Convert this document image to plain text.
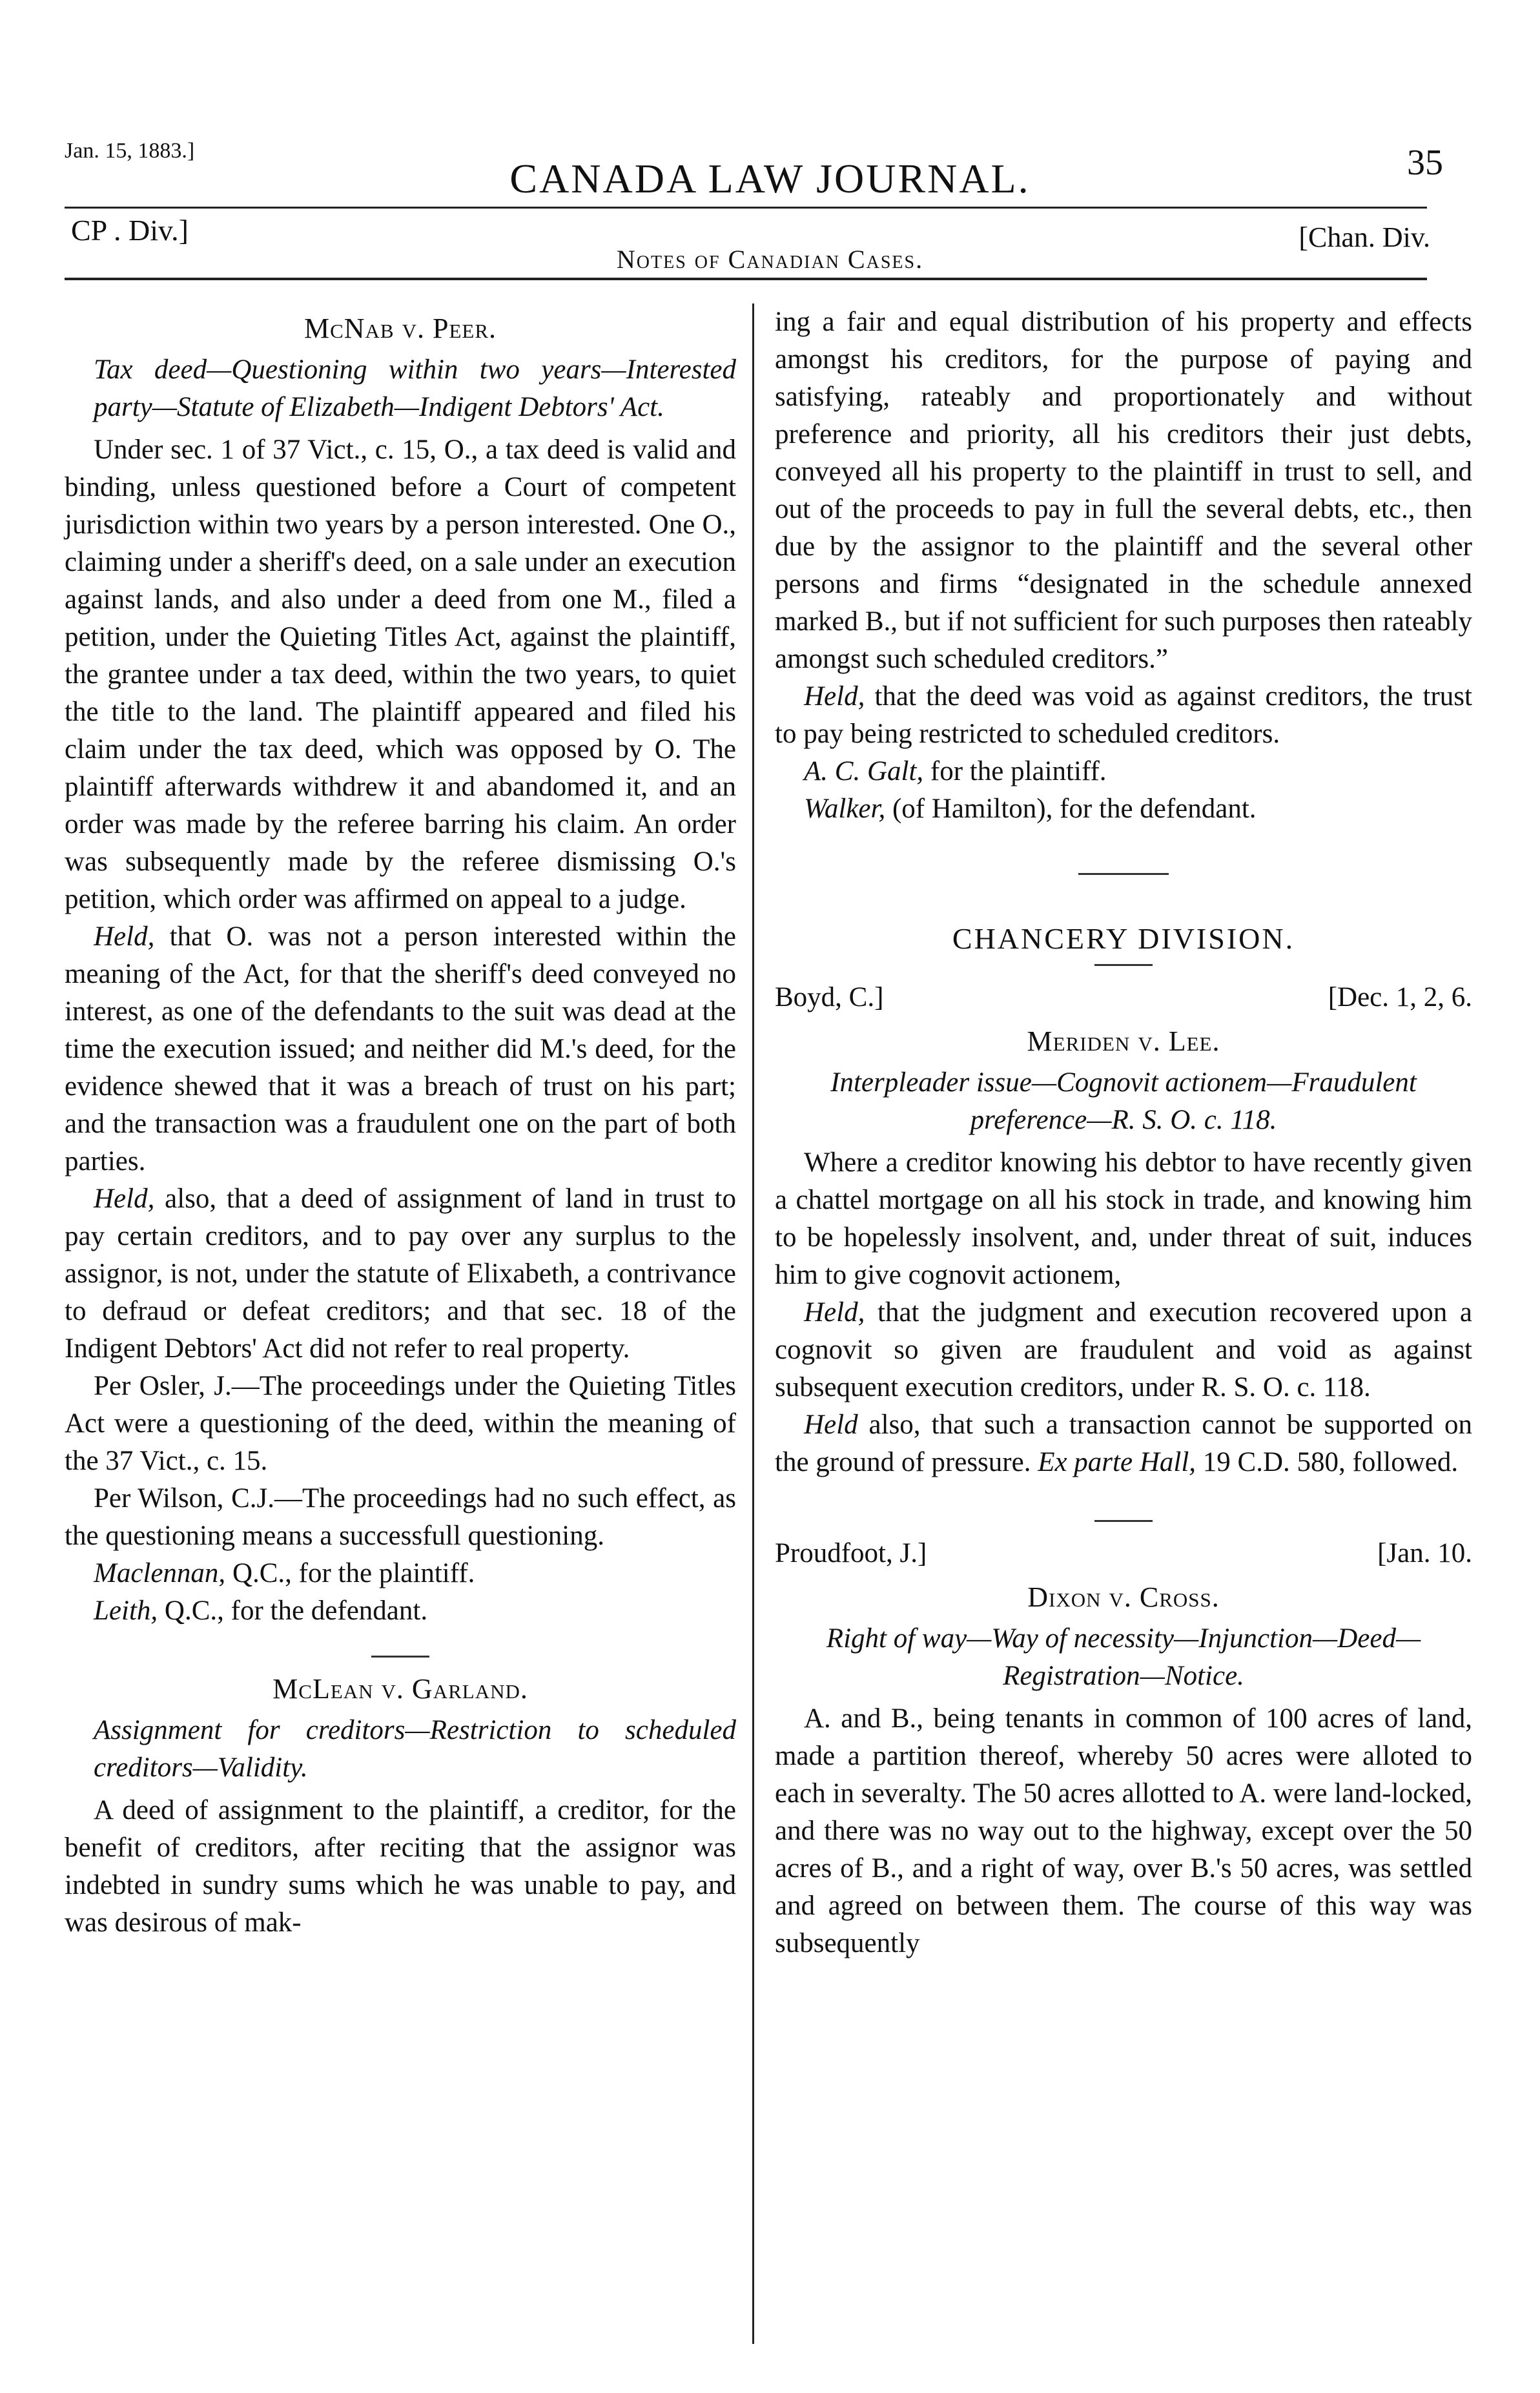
Jan. 15, 1883.]
CANADA LAW JOURNAL.	35
CP . Div.]
Notes of Canadian Cases.
[Chan. Div.

McNab v. Peer.

Tax deed—Questioning within two years—Interested party—Statute of Elizabeth—Indigent Debtors' Act.

Under sec. 1 of 37 Vict., c. 15, O., a tax deed is valid and binding, unless questioned before a Court of competent jurisdiction within two years by a person interested. One O., claiming under a sheriff's deed, on a sale under an execution against lands, and also under a deed from one M., filed a petition, under the Quieting Titles Act, against the plaintiff, the grantee under a tax deed, within the two years, to quiet the title to the land. The plaintiff appeared and filed his claim under the tax deed, which was opposed by O. The plaintiff afterwards withdrew it and abandomed it, and an order was made by the referee barring his claim. An order was subsequently made by the referee dismissing O.'s petition, which order was affirmed on appeal to a judge.

Held, that O. was not a person interested within the meaning of the Act, for that the sheriff's deed conveyed no interest, as one of the defendants to the suit was dead at the time the execution issued; and neither did M.'s deed, for the evidence shewed that it was a breach of trust on his part; and the transaction was a fraudulent one on the part of both parties.

Held, also, that a deed of assignment of land in trust to pay certain creditors, and to pay over any surplus to the assignor, is not, under the statute of Elixabeth, a contrivance to defraud or defeat creditors; and that sec. 18 of the Indigent Debtors' Act did not refer to real property.

Per Osler, J.—The proceedings under the Quieting Titles Act were a questioning of the deed, within the meaning of the 37 Vict., c. 15.

Per Wilson, C.J.—The proceedings had no such effect, as the questioning means a successfull questioning.

Maclennan, Q.C., for the plaintiff.

Leith, Q.C., for the defendant.

McLean v. Garland.

Assignment for creditors—Restriction to scheduled creditors—Validity.

A deed of assignment to the plaintiff, a creditor, for the benefit of creditors, after reciting that the assignor was indebted in sundry sums which he was unable to pay, and was desirous of mak-

ing a fair and equal distribution of his property and effects amongst his creditors, for the purpose of paying and satisfying, rateably and proportionately and without preference and priority, all his creditors their just debts, conveyed all his property to the plaintiff in trust to sell, and out of the proceeds to pay in full the several debts, etc., then due by the assignor to the plaintiff and the several other persons and firms “designated in the schedule annexed marked B., but if not sufficient for such purposes then rateably amongst such scheduled creditors.”

Held, that the deed was void as against creditors, the trust to pay being restricted to scheduled creditors.

A. C. Galt, for the plaintiff.

Walker, (of Hamilton), for the defendant.

CHANCERY DIVISION.

Boyd, C.]	[Dec. 1, 2, 6.

Meriden v. Lee.

Interpleader issue—Cognovit actionem—Fraudulent preference—R. S. O. c. 118.

Where a creditor knowing his debtor to have recently given a chattel mortgage on all his stock in trade, and knowing him to be hopelessly insolvent, and, under threat of suit, induces him to give cognovit actionem,

Held, that the judgment and execution recovered upon a cognovit so given are fraudulent and void as against subsequent execution creditors, under R. S. O. c. 118.

Held also, that such a transaction cannot be supported on the ground of pressure. Ex parte Hall, 19 C.D. 580, followed.

Proudfoot, J.]	[Jan. 10.

Dixon v. Cross.

Right of way—Way of necessity—Injunction—Deed—Registration—Notice.

A. and B., being tenants in common of 100 acres of land, made a partition thereof, whereby 50 acres were alloted to each in severalty. The 50 acres allotted to A. were land-locked, and there was no way out to the highway, except over the 50 acres of B., and a right of way, over B.'s 50 acres, was settled and agreed on between them. The course of this way was subsequently
